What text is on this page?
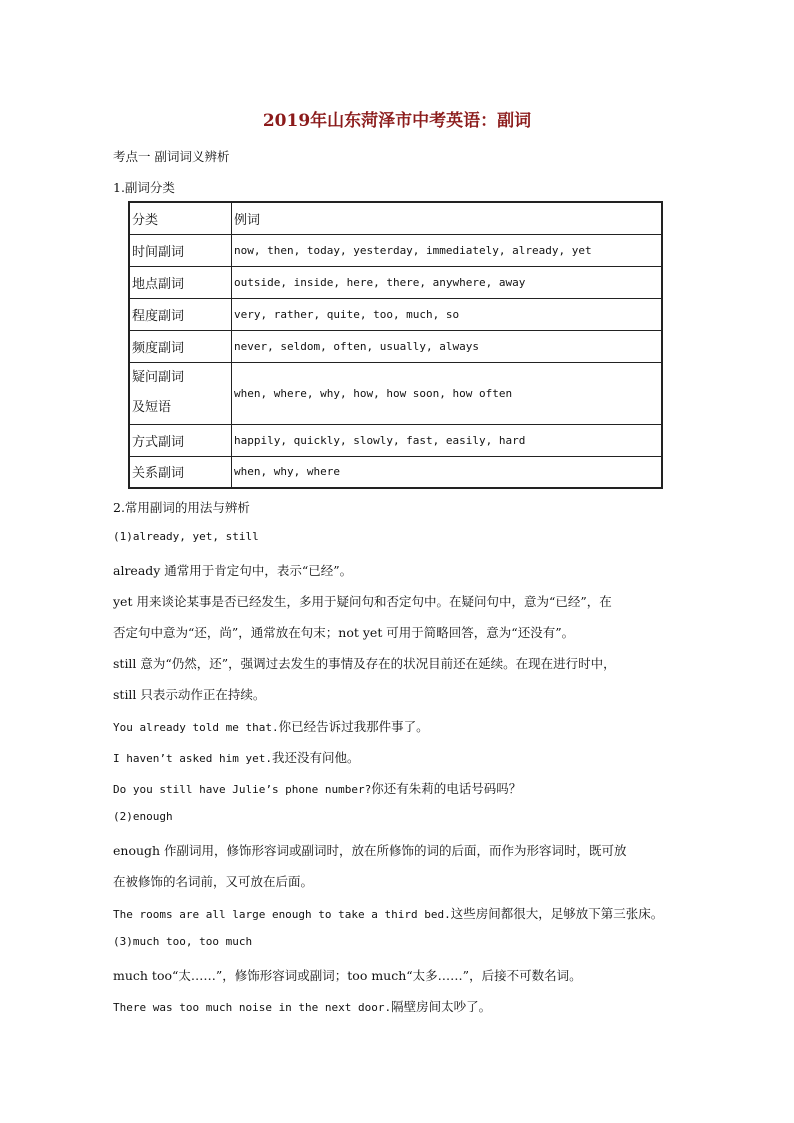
2019年山东菏泽市中考英语：副词
考点一 副词词义辨析
1.副词分类
分类	例词
时间副词	now, then, today, yesterday, immediately, already, yet
地点副词	outside, inside, here, there, anywhere, away
程度副词	very, rather, quite, too, much, so
频度副词	never, seldom, often, usually, always

疑问副词
及短语	when, where, why, how, how soon, how often
方式副词	happily, quickly, slowly, fast, easily, hard
关系副词	when, why, where
2.常用副词的用法与辨析
(1)already, yet, still
already 通常用于肯定句中，表示“已经”。
yet 用来谈论某事是否已经发生，多用于疑问句和否定句中。在疑问句中，意为“已经”，在
否定句中意为“还，尚”，通常放在句末；not yet 可用于简略回答，意为“还没有”。
still 意为“仍然，还”，强调过去发生的事情及存在的状况目前还在延续。在现在进行时中，
still 只表示动作正在持续。
You already told me that.你已经告诉过我那件事了。
I haven’t asked him yet.我还没有问他。
Do you still have Julie’s phone number?你还有朱莉的电话号码吗？
(2)enough
enough 作副词用，修饰形容词或副词时，放在所修饰的词的后面，而作为形容词时，既可放
在被修饰的名词前，又可放在后面。
The rooms are all large enough to take a third bed.这些房间都很大，足够放下第三张床。
(3)much too, too much
much too“太……”，修饰形容词或副词；too much“太多……”，后接不可数名词。
There was too much noise in the next door.隔壁房间太吵了。
